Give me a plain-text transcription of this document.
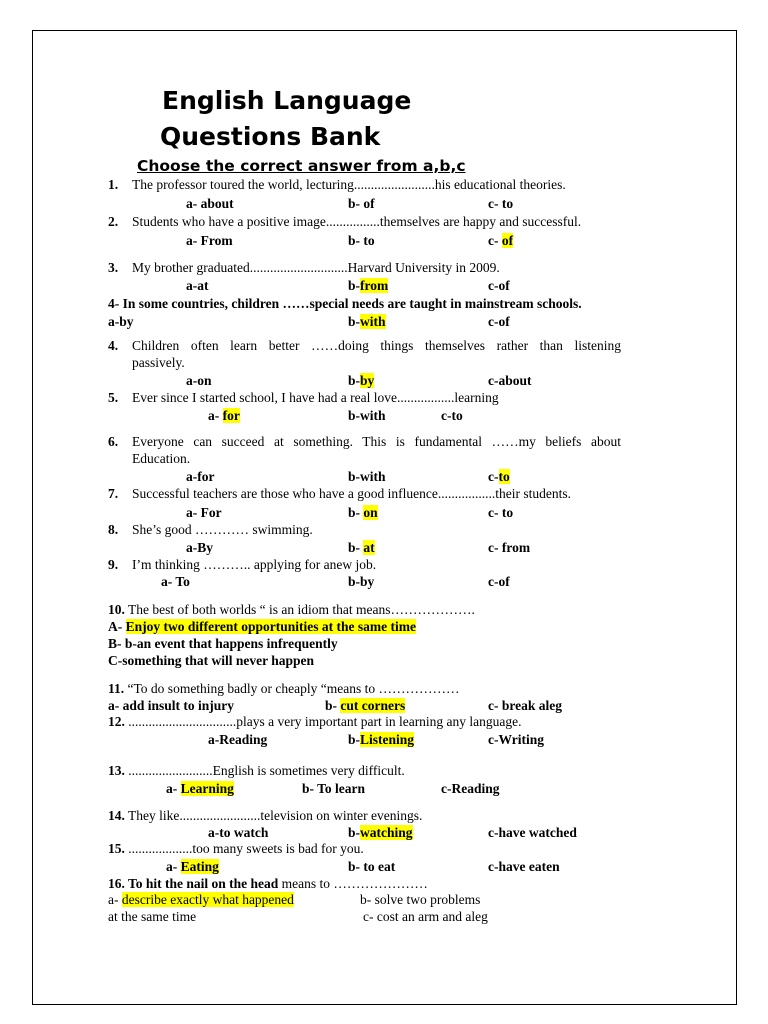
English Language
Questions Bank
Choose the correct answer from a,b,c
1. The professor toured the world, lecturing........................his educational theories.
a- about	b- of	c- to
2. Students who have a positive image................themselves are happy and successful.
a- From	b- to	c- of
3. My brother graduated.............................Harvard University in 2009.
a-at	b-from	c-of
4- In some countries, children ……special needs are taught in mainstream schools.
a-by	b-with	c-of
4. Children often learn better ……doing things themselves rather than listening
passively.
a-on	b-by	c-about
5. Ever since I started school, I have had a real love.................learning
a- for	b-with	c-to
6. Everyone can succeed at something. This is fundamental ……my beliefs about
Education.
a-for	b-with	c-to
7. Successful teachers are those who have a good influence.................their students.
a- For	b- on	c- to
8. She’s good ………… swimming.
a-By	b- at	c- from
9. I’m thinking ……….. applying for anew job.
a- To	b-by	c-of
10. The best of both worlds “ is an idiom that means……………….
A- Enjoy two different opportunities at the same time
B- b-an event that happens infrequently
C-something that will never happen
11. “To do something badly or cheaply “means to ………………
a- add insult to injury	b- cut corners	c- break aleg
12. ................................plays a very important part in learning any language.
a-Reading	b-Listening	c-Writing
13. .........................English is sometimes very difficult.
a- Learning	b- To learn	c-Reading
14. They like........................television on winter evenings.
a-to watch	b-watching	c-have watched
15. ...................too many sweets is bad for you.
a- Eating	b- to eat	c-have eaten
16. To hit the nail on the head means to …………………
a- describe exactly what happened	b- solve two problems
at the same time	c- cost an arm and aleg
